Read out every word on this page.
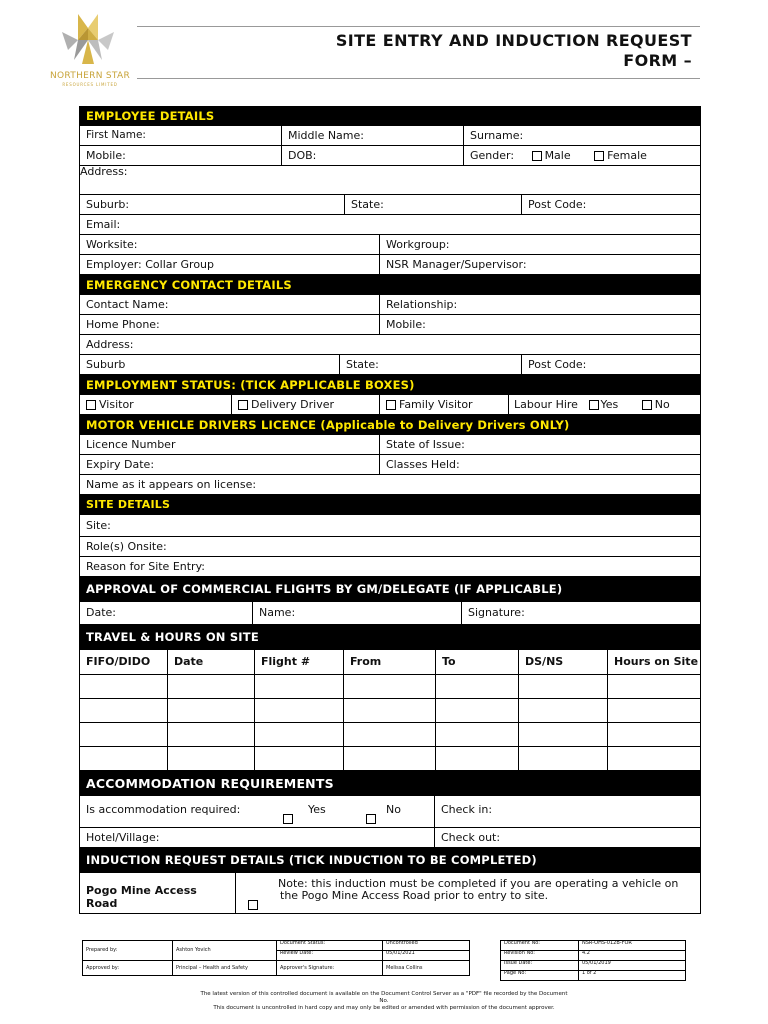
NORTHERN STAR
RESOURCES LIMITED
SITE ENTRY AND INDUCTION REQUEST
FORM –
EMPLOYEE DETAILS
First Name:	Middle Name:	Surname:
Mobile:	DOB:	Gender:	Male	Female
Address:
Suburb:	State:	Post Code:
Email:
Worksite:	Workgroup:
Employer: Collar Group	NSR Manager/Supervisor:
EMERGENCY CONTACT DETAILS
Contact Name:	Relationship:
Home Phone:	Mobile:
Address:
Suburb	State:	Post Code:
EMPLOYMENT STATUS: (TICK APPLICABLE BOXES)
Visitor	Delivery Driver	Family Visitor	Labour Hire Yes	No
MOTOR VEHICLE DRIVERS LICENCE (Applicable to Delivery Drivers ONLY)
Licence Number	State of Issue:
Expiry Date:	Classes Held:
Name as it appears on license:
SITE DETAILS
Site:
Role(s) Onsite:
Reason for Site Entry:
APPROVAL OF COMMERCIAL FLIGHTS BY GM/DELEGATE (IF APPLICABLE)
Date:	Name:	Signature:
TRAVEL & HOURS ON SITE
FIFO/DIDO	Date	Flight #	From	To	DS/NS	Hours on Site
ACCOMMODATION REQUIREMENTS
Is accommodation required:	Yes	No	Check in:
Hotel/Village:	Check out:
INDUCTION REQUEST DETAILS (TICK INDUCTION TO BE COMPLETED)
Pogo Mine Access
Road
Note: this induction must be completed if you are operating a vehicle on
the Pogo Mine Access Road prior to entry to site.
Prepared by:	Ashton Yovich	Document Status:	Uncontrolled
		Review Date:	05/01/2021
Approved by:	Principal – Health and Safety	Approver's Signature:	Melissa Collins
Document No:	NSR-OHS-012B-FOR
Revision No:	4.2
Issue Date:	05/01/2019
Page No:	1 of 2
The latest version of this controlled document is available on the Document Control Server as a "PDF" file recorded by the Document
No.
This document is uncontrolled in hard copy and may only be edited or amended with permission of the document approver.
